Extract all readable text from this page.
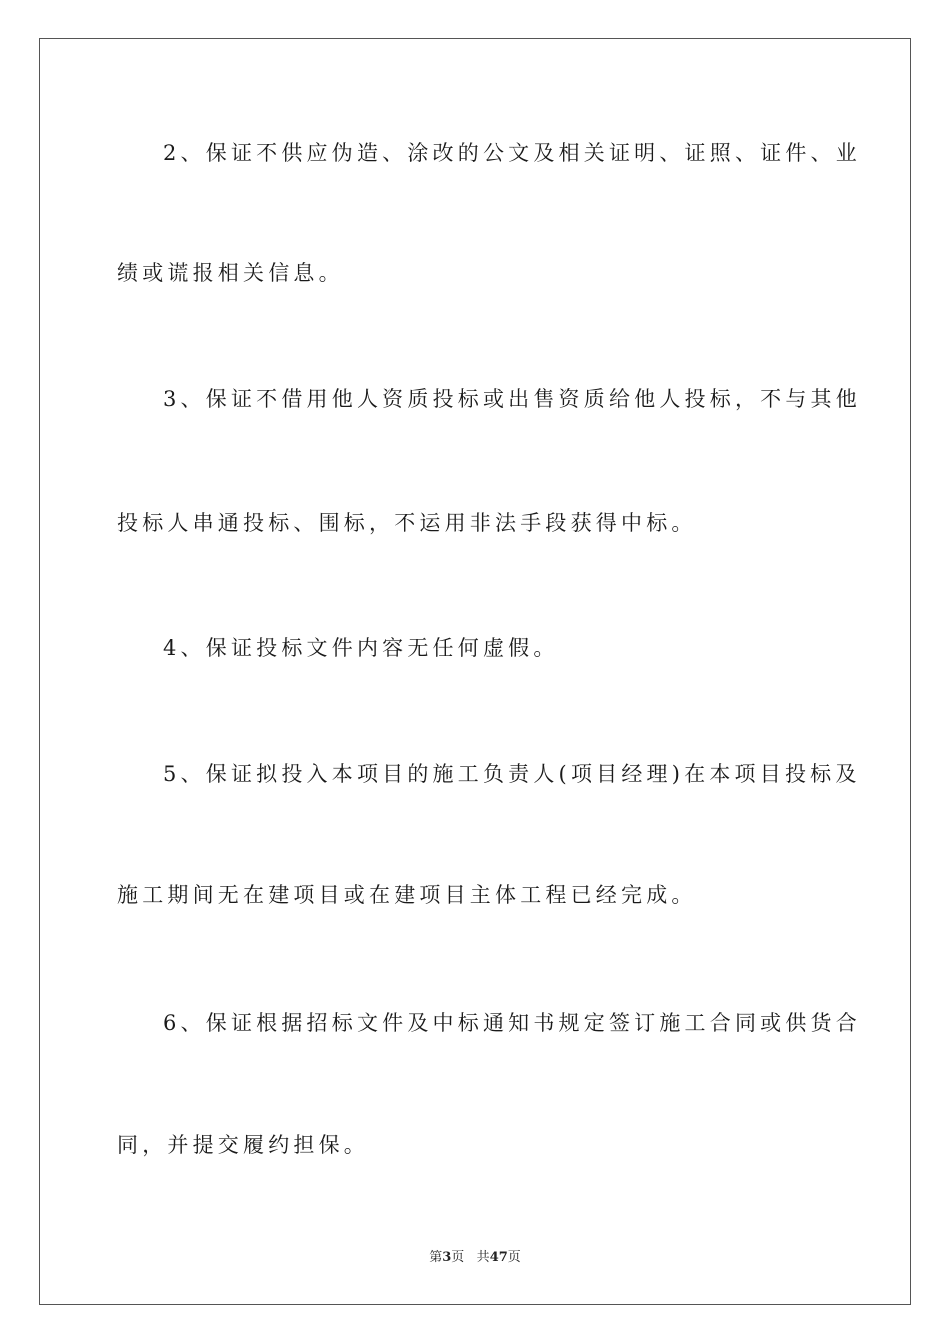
2、保证不供应伪造、涂改的公文及相关证明、证照、证件、业
绩或谎报相关信息。
3、保证不借用他人资质投标或出售资质给他人投标，不与其他
投标人串通投标、围标，不运用非法手段获得中标。
4、保证投标文件内容无任何虚假。
5、保证拟投入本项目的施工负责人(项目经理)在本项目投标及
施工期间无在建项目或在建项目主体工程已经完成。
6、保证根据招标文件及中标通知书规定签订施工合同或供货合
同，并提交履约担保。
第3页 共47页
